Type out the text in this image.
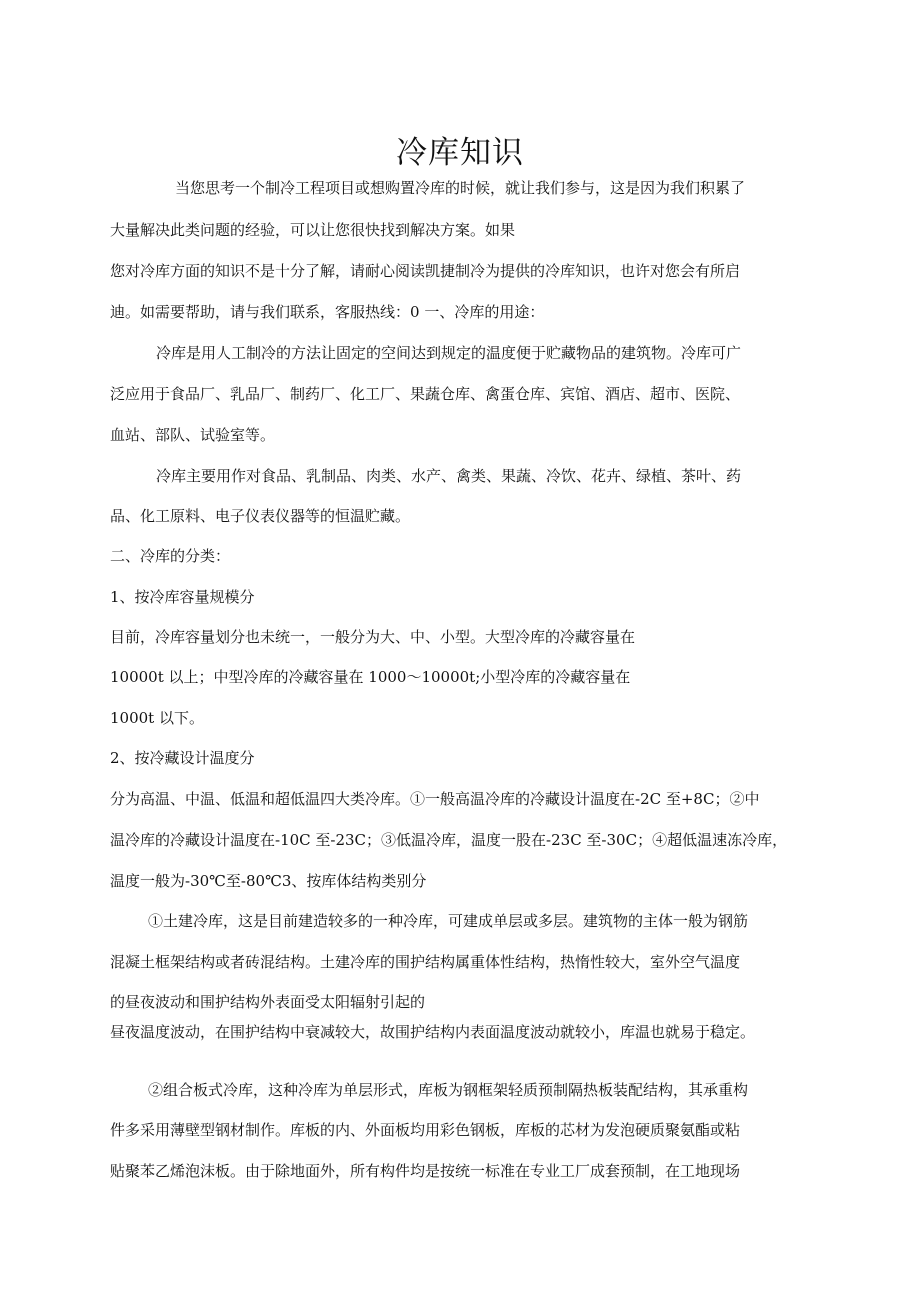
冷库知识
当您思考一个制冷工程项目或想购置冷库的时候，就让我们参与，这是因为我们积累了
大量解决此类问题的经验，可以让您很快找到解决方案。如果
您对冷库方面的知识不是十分了解，请耐心阅读凯捷制冷为提供的冷库知识，也许对您会有所启
迪。如需要帮助，请与我们联系，客服热线：0 一、冷库的用途：
冷库是用人工制冷的方法让固定的空间达到规定的温度便于贮藏物品的建筑物。冷库可广
泛应用于食品厂、乳品厂、制药厂、化工厂、果蔬仓库、禽蛋仓库、宾馆、酒店、超市、医院、
血站、部队、试验室等。
冷库主要用作对食品、乳制品、肉类、水产、禽类、果蔬、冷饮、花卉、绿植、茶叶、药
品、化工原料、电子仪表仪器等的恒温贮藏。
二、冷库的分类：
1、按冷库容量规模分
目前，冷库容量划分也未统一，一般分为大、中、小型。大型冷库的冷藏容量在
10000t 以上；中型冷库的冷藏容量在 1000～10000t;小型冷库的冷藏容量在
1000t 以下。
2、按冷藏设计温度分
分为高温、中温、低温和超低温四大类冷库。①一般高温冷库的冷藏设计温度在-2C 至+8C；②中
温冷库的冷藏设计温度在-10C 至-23C；③低温冷库，温度一股在-23C 至-30C；④超低温速冻冷库，
温度一般为-30℃至-80℃3、按库体结构类别分
①土建冷库，这是目前建造较多的一种冷库，可建成单层或多层。建筑物的主体一般为钢筋
混凝土框架结构或者砖混结构。土建冷库的围护结构属重体性结构，热惰性较大，室外空气温度
的昼夜波动和围护结构外表面受太阳辐射引起的
昼夜温度波动，在围护结构中衰减较大，故围护结构内表面温度波动就较小，库温也就易于稳定。
②组合板式冷库，这种冷库为单层形式，库板为钢框架轻质预制隔热板装配结构，其承重构
件多采用薄壁型钢材制作。库板的内、外面板均用彩色钢板，库板的芯材为发泡硬质聚氨酯或粘
贴聚苯乙烯泡沫板。由于除地面外，所有构件均是按统一标准在专业工厂成套预制，在工地现场
